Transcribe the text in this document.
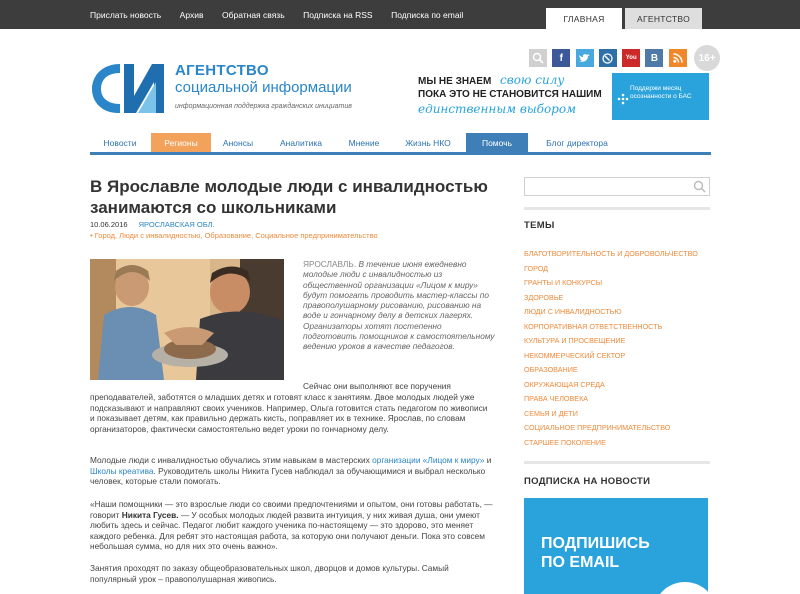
Прислать новость Архив Обратная связь Подписка на RSS Подписка по email	ГЛАВНАЯ	АГЕНТСТВО
АГЕНТСТВО
социальной информации
информационная поддержка гражданских инициатив
f	You	B	16+
МЫ НЕ ЗНАЕМ свою силу
ПОКА ЭТО НЕ СТАНОВИТСЯ НАШИМ
единственным выбором
Поддержи месяц осознанности о БАС
Новости	Регионы	Анонсы	Аналитика	Мнение	Жизнь НКО	Помочь	Блог директора
В Ярославле молодые люди с инвалидностью занимаются со школьниками
10.06.2016 ЯРОСЛАВСКАЯ ОБЛ.
• Город, Люди с инвалидностью, Образование, Социальное предпринимательство
ЯРОСЛАВЛЬ. В течение июня ежедневно молодые люди с инвалидностью из общественной организации «Лицом к миру» будут помогать проводить мастер-классы по правополушарному рисованию, рисованию на воде и гончарному делу в детских лагерях. Организаторы хотят постепенно подготовить помощников к самостоятельному ведению уроков в качестве педагогов.
Сейчас они выполняют все поручения
преподавателей, заботятся о младших детях и готовят класс к занятиям. Двое молодых людей уже подсказывают и направляют своих учеников. Например, Ольга готовится стать педагогом по живописи и показывает детям, как правильно держать кисть, поправляет их в технике. Ярослав, по словам организаторов, фактически самостоятельно ведет уроки по гончарному делу.
Молодые люди с инвалидностью обучались этим навыкам в мастерских организации «Лицом к миру» и Школы креатива. Руководитель школы Никита Гусев наблюдал за обучающимися и выбрал несколько человек, которые стали помогать.
«Наши помощники — это взрослые люди со своими предпочтениями и опытом, они готовы работать, — говорит Никита Гусев. — У особых молодых людей развита интуиция, у них живая душа, они умеют любить здесь и сейчас. Педагог любит каждого ученика по-настоящему — это здорово, это меняет каждого ребенка. Для ребят это настоящая работа, за которую они получают деньги. Пока это совсем небольшая сумма, но для них это очень важно».
Занятия проходят по заказу общеобразовательных школ, дворцов и домов культуры. Самый популярный урок – правополушарная живопись.
ТЕМЫ
БЛАГОТВОРИТЕЛЬНОСТЬ И ДОБРОВОЛЬЧЕСТВО
ГОРОД
ГРАНТЫ И КОНКУРСЫ
ЗДОРОВЬЕ
ЛЮДИ С ИНВАЛИДНОСТЬЮ
КОРПОРАТИВНАЯ ОТВЕТСТВЕННОСТЬ
КУЛЬТУРА И ПРОСВЕЩЕНИЕ
НЕКОММЕРЧЕСКИЙ СЕКТОР
ОБРАЗОВАНИЕ
ОКРУЖАЮЩАЯ СРЕДА
ПРАВА ЧЕЛОВЕКА
СЕМЬЯ И ДЕТИ
СОЦИАЛЬНОЕ ПРЕДПРИНИМАТЕЛЬСТВО
СТАРШЕЕ ПОКОЛЕНИЕ
ПОДПИСКА НА НОВОСТИ
ПОДПИШИСЬ
ПО EMAIL
